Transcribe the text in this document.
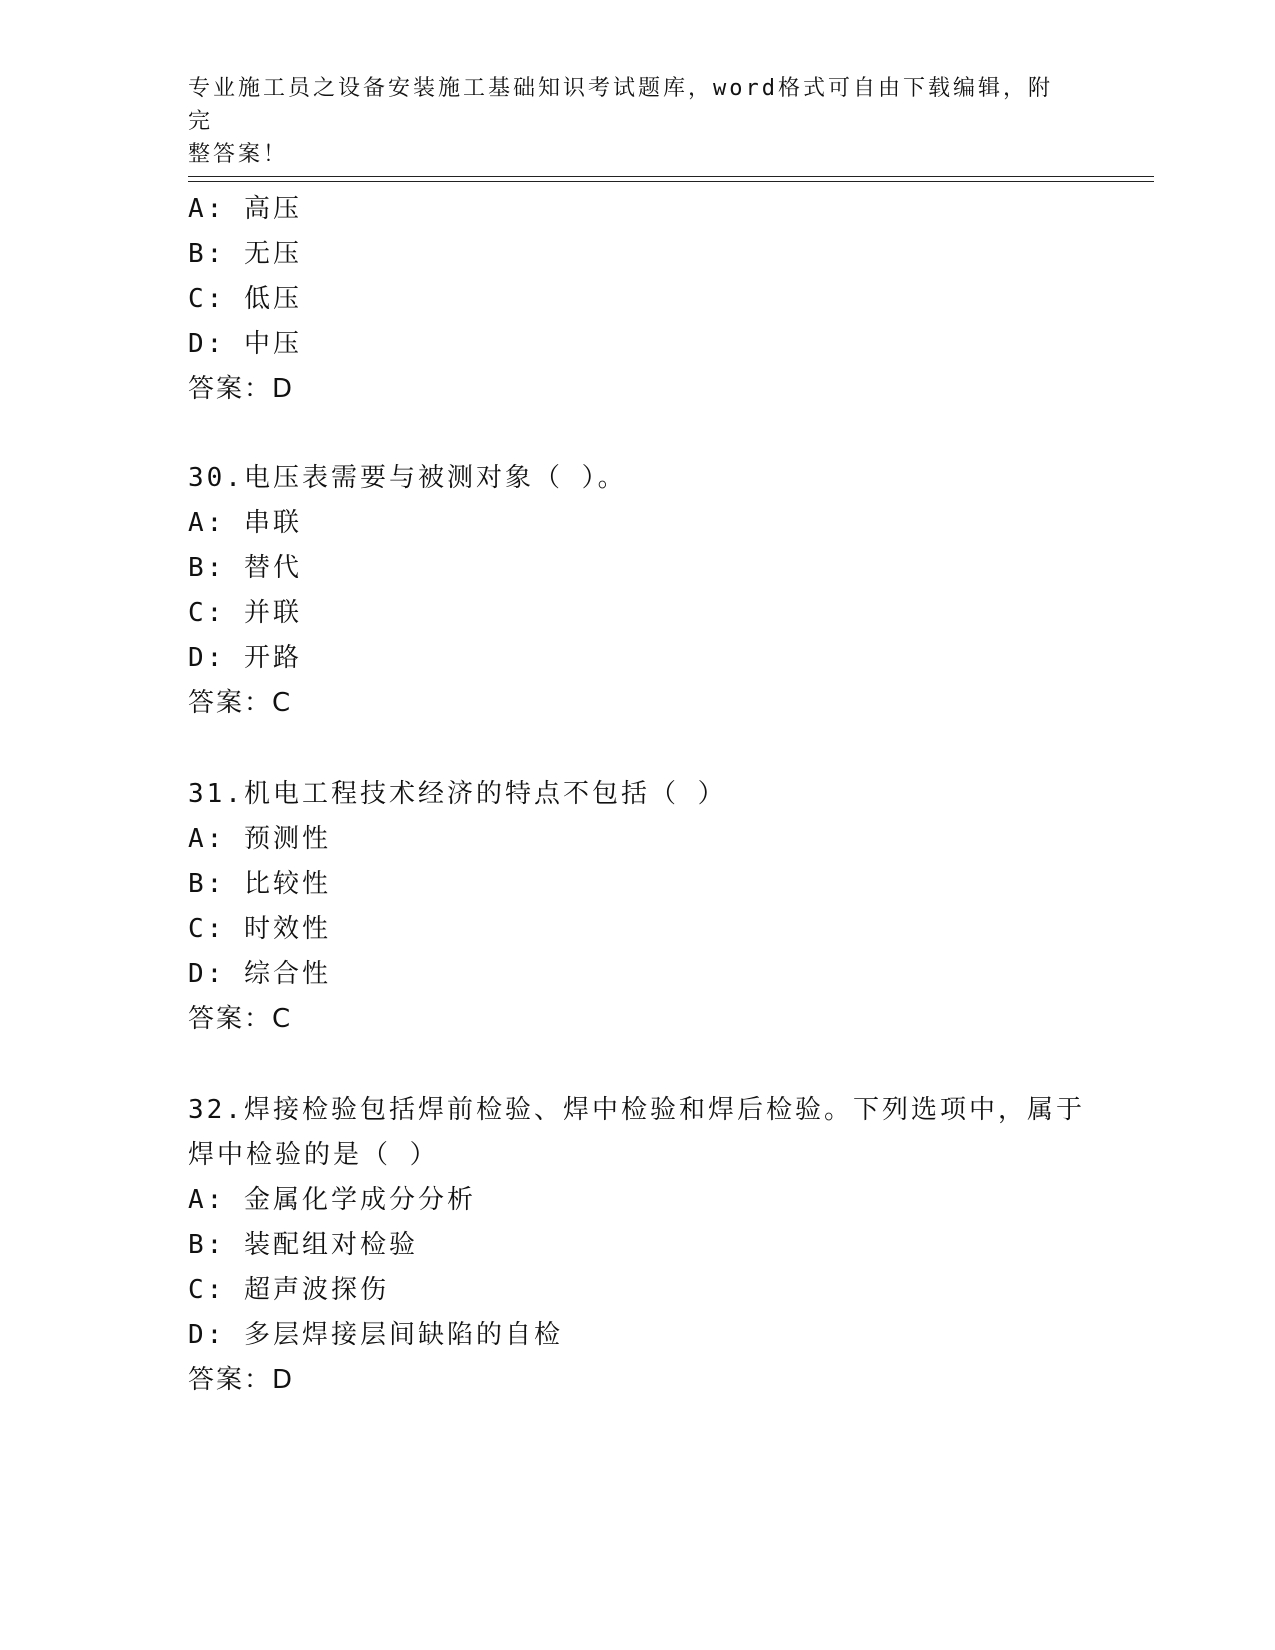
专业施工员之设备安装施工基础知识考试题库，word格式可自由下载编辑，附完
整答案！
A: 高压
B: 无压
C: 低压
D: 中压
答案：D
30.电压表需要与被测对象（ ）。
A: 串联
B: 替代
C: 并联
D: 开路
答案：C
31.机电工程技术经济的特点不包括（ ）
A: 预测性
B: 比较性
C: 时效性
D: 综合性
答案：C
32.焊接检验包括焊前检验、焊中检验和焊后检验。下列选项中，属于
焊中检验的是（ ）
A: 金属化学成分分析
B: 装配组对检验
C: 超声波探伤
D: 多层焊接层间缺陷的自检
答案：D
